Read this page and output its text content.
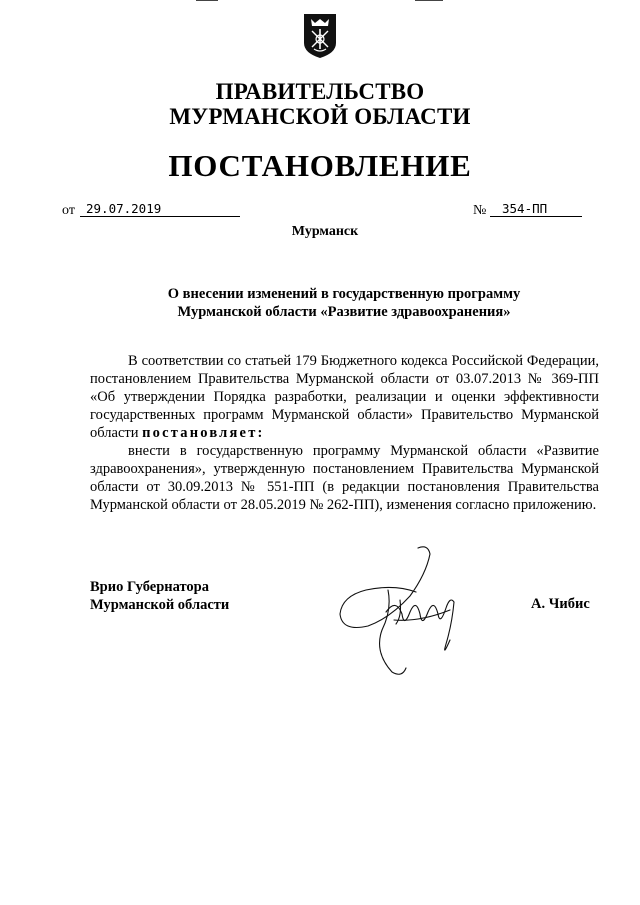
ПРАВИТЕЛЬСТВО
МУРМАНСКОЙ ОБЛАСТИ
ПОСТАНОВЛЕНИЕ
от 29.07.2019	№	354-ПП
Мурманск
О внесении изменений в государственную программу
Мурманской области «Развитие здравоохранения»

В соответствии со статьей 179 Бюджетного кодекса Российской Федерации, постановлением Правительства Мурманской области от 03.07.2013 № 369-ПП «Об утверждении Порядка разработки, реализации и оценки эффективности государственных программ Мурманской области» Правительство Мурманской области постановляет:

внести в государственную программу Мурманской области «Развитие здравоохранения», утвержденную постановлением Правительства Мурманской области от 30.09.2013 № 551-ПП (в редакции постановления Правительства Мурманской области от 28.05.2019 № 262-ПП), изменения согласно приложению.

Врио Губернатора
Мурманской области	А. Чибис
